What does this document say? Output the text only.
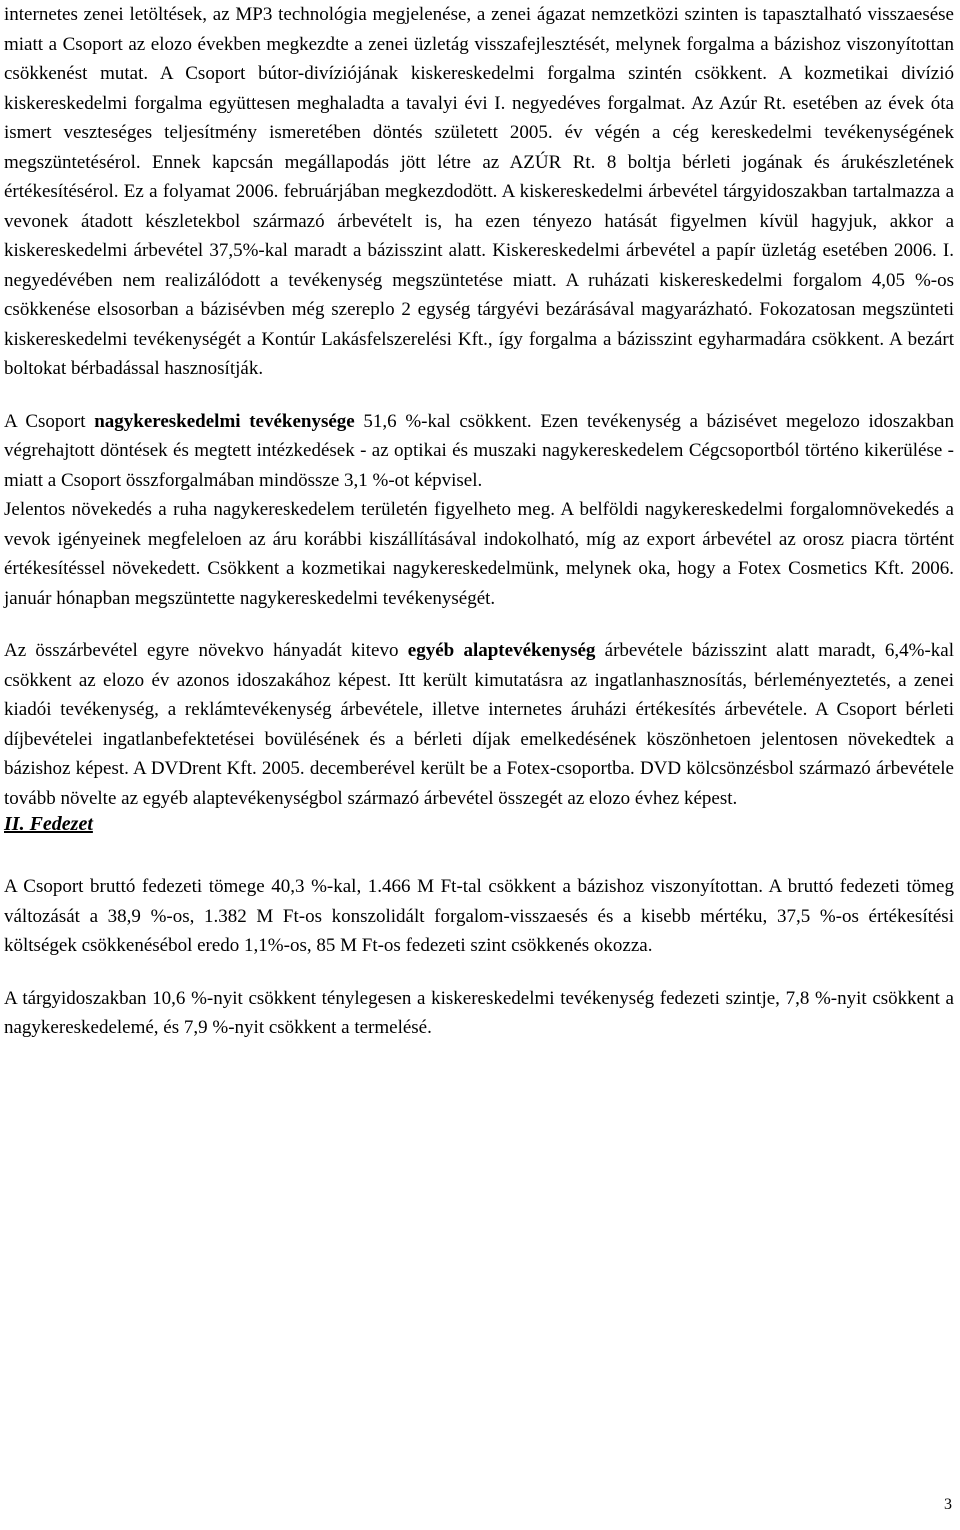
internetes zenei letöltések, az MP3 technológia megjelenése, a zenei ágazat nemzetközi szinten is tapasztalható visszaesése miatt a Csoport az elozo években megkezdte a zenei üzletág visszafejlesztését, melynek forgalma a bázishoz viszonyítottan csökkenést mutat. A Csoport bútor-divíziójának kiskereskedelmi forgalma szintén csökkent. A kozmetikai divízió kiskereskedelmi forgalma együttesen meghaladta a tavalyi évi I. negyedéves forgalmat. Az Azúr Rt. esetében az évek óta ismert veszteséges teljesítmény ismeretében döntés született 2005. év végén a cég kereskedelmi tevékenységének megszüntetésérol. Ennek kapcsán megállapodás jött létre az AZÚR Rt. 8 boltja bérleti jogának és árukészletének értékesítésérol. Ez a folyamat 2006. februárjában megkezdodött. A kiskereskedelmi árbevétel tárgyidoszakban tartalmazza a vevonek átadott készletekbol származó árbevételt is, ha ezen tényezo hatását figyelmen kívül hagyjuk, akkor a kiskereskedelmi árbevétel 37,5%-kal maradt a bázisszint alatt. Kiskereskedelmi árbevétel a papír üzletág esetében 2006. I. negyedévében nem realizálódott a tevékenység megszüntetése miatt. A ruházati kiskereskedelmi forgalom 4,05 %-os csökkenése elsosorban a bázisévben még szereplo 2 egység tárgyévi bezárásával magyarázható. Fokozatosan megszünteti kiskereskedelmi tevékenységét a Kontúr Lakásfelszerelési Kft., így forgalma a bázisszint egyharmadára csökkent. A bezárt boltokat bérbadással hasznosítják.

A Csoport nagykereskedelmi tevékenysége 51,6 %-kal csökkent. Ezen tevékenység a bázisévet megelozo idoszakban végrehajtott döntések és megtett intézkedések - az optikai és muszaki nagykereskedelem Cégcsoportból történo kikerülése - miatt a Csoport összforgalmában mindössze 3,1 %-ot képvisel.

Jelentos növekedés a ruha nagykereskedelem területén figyelheto meg. A belföldi nagykereskedelmi forgalomnövekedés a vevok igényeinek megfeleloen az áru korábbi kiszállításával indokolható, míg az export árbevétel az orosz piacra történt értékesítéssel növekedett. Csökkent a kozmetikai nagykereskedelmünk, melynek oka, hogy a Fotex Cosmetics Kft. 2006. január hónapban megszüntette nagykereskedelmi tevékenységét.

Az összárbevétel egyre növekvo hányadát kitevo egyéb alaptevékenység árbevétele bázisszint alatt maradt, 6,4%-kal csökkent az elozo év azonos idoszakához képest. Itt került kimutatásra az ingatlanhasznosítás, bérleményeztetés, a zenei kiadói tevékenység, a reklámtevékenység árbevétele, illetve internetes áruházi értékesítés árbevétele. A Csoport bérleti díjbevételei ingatlanbefektetései bovülésének és a bérleti díjak emelkedésének köszönhetoen jelentosen növekedtek a bázishoz képest. A DVDrent Kft. 2005. decemberével került be a Fotex-csoportba. DVD kölcsönzésbol származó árbevétele tovább növelte az egyéb alaptevékenységbol származó árbevétel összegét az elozo évhez képest.

II. Fedezet

A Csoport bruttó fedezeti tömege 40,3 %-kal, 1.466 M Ft-tal csökkent a bázishoz viszonyítottan. A bruttó fedezeti tömeg változását a 38,9 %-os, 1.382 M Ft-os konszolidált forgalom-visszaesés és a kisebb mértéku, 37,5 %-os értékesítési költségek csökkenésébol eredo 1,1%-os, 85 M Ft-os fedezeti szint csökkenés okozza.

A tárgyidoszakban 10,6 %-nyit csökkent ténylegesen a kiskereskedelmi tevékenység fedezeti szintje, 7,8 %-nyit csökkent a nagykereskedelemé, és 7,9 %-nyit csökkent a termelésé.

3
